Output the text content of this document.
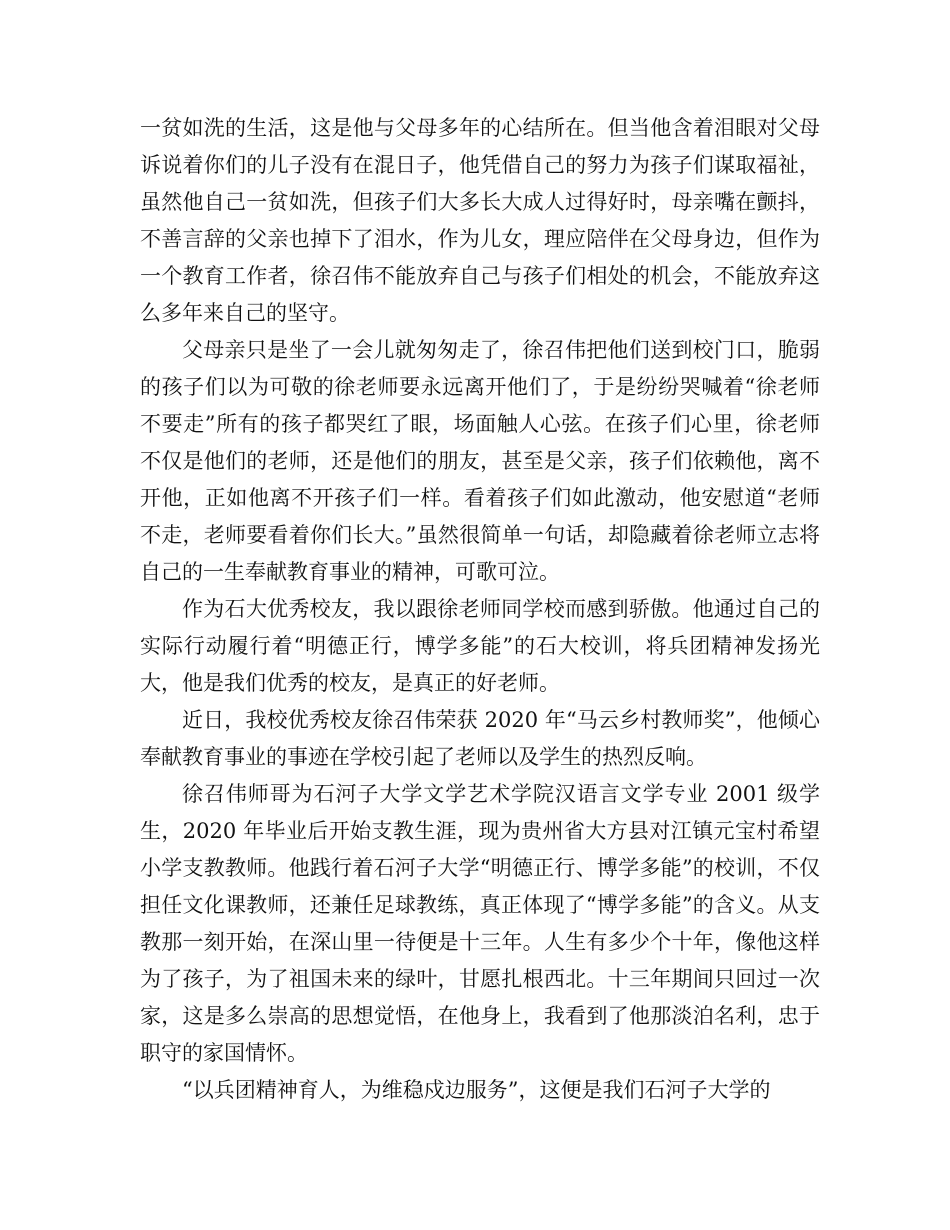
一贫如洗的生活，这是他与父母多年的心结所在。但当他含着泪眼对父母诉说着你们的儿子没有在混日子，他凭借自己的努力为孩子们谋取福祉，虽然他自己一贫如洗，但孩子们大多长大成人过得好时，母亲嘴在颤抖，不善言辞的父亲也掉下了泪水，作为儿女，理应陪伴在父母身边，但作为一个教育工作者，徐召伟不能放弃自己与孩子们相处的机会，不能放弃这么多年来自己的坚守。

父母亲只是坐了一会儿就匆匆走了，徐召伟把他们送到校门口，脆弱的孩子们以为可敬的徐老师要永远离开他们了，于是纷纷哭喊着“徐老师不要走”所有的孩子都哭红了眼，场面触人心弦。在孩子们心里，徐老师不仅是他们的老师，还是他们的朋友，甚至是父亲，孩子们依赖他，离不开他，正如他离不开孩子们一样。看着孩子们如此激动，他安慰道“老师不走，老师要看着你们长大。”虽然很简单一句话，却隐藏着徐老师立志将自己的一生奉献教育事业的精神，可歌可泣。

作为石大优秀校友，我以跟徐老师同学校而感到骄傲。他通过自己的实际行动履行着“明德正行，博学多能”的石大校训，将兵团精神发扬光大，他是我们优秀的校友，是真正的好老师。

近日，我校优秀校友徐召伟荣获 2020 年“马云乡村教师奖”，他倾心奉献教育事业的事迹在学校引起了老师以及学生的热烈反响。

徐召伟师哥为石河子大学文学艺术学院汉语言文学专业 2001 级学生，2020 年毕业后开始支教生涯，现为贵州省大方县对江镇元宝村希望小学支教教师。他践行着石河子大学“明德正行、博学多能”的校训，不仅担任文化课教师，还兼任足球教练，真正体现了“博学多能”的含义。从支教那一刻开始，在深山里一待便是十三年。人生有多少个十年，像他这样为了孩子，为了祖国未来的绿叶，甘愿扎根西北。十三年期间只回过一次家，这是多么崇高的思想觉悟，在他身上，我看到了他那淡泊名利，忠于职守的家国情怀。

“以兵团精神育人，为维稳戍边服务”，这便是我们石河子大学的
